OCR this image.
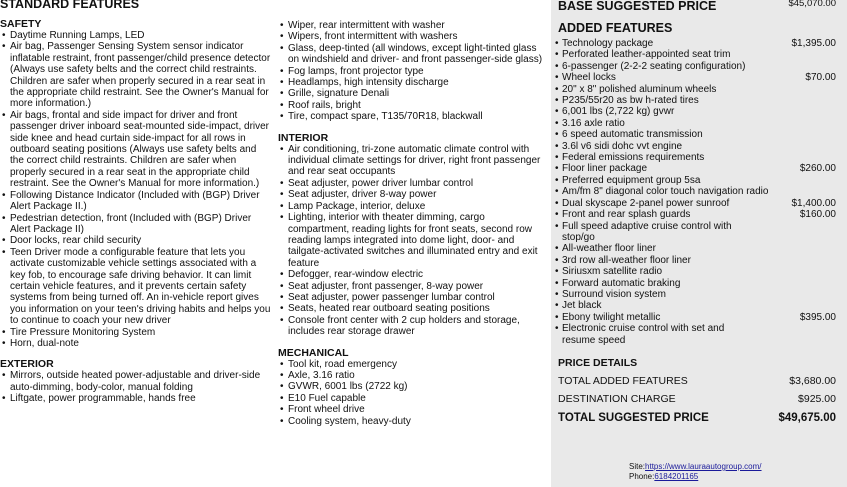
STANDARD FEATURES
SAFETY
• Daytime Running Lamps, LED
• Air bag, Passenger Sensing System sensor indicator inflatable restraint, front passenger/child presence detector (Always use safety belts and the correct child restraints. Children are safer when properly secured in a rear seat in the appropriate child restraint. See the Owner's Manual for more information.)
• Air bags, frontal and side impact for driver and front passenger driver inboard seat-mounted side-impact, driver side knee and head curtain side-impact for all rows in outboard seating positions (Always use safety belts and the correct child restraints. Children are safer when properly secured in a rear seat in the appropriate child restraint. See the Owner's Manual for more information.)
• Following Distance Indicator (Included with (BGP) Driver Alert Package II.)
• Pedestrian detection, front (Included with (BGP) Driver Alert Package II)
• Door locks, rear child security
• Teen Driver mode a configurable feature that lets you activate customizable vehicle settings associated with a key fob, to encourage safe driving behavior. It can limit certain vehicle features, and it prevents certain safety systems from being turned off. An in-vehicle report gives you information on your teen's driving habits and helps you to continue to coach your new driver
• Tire Pressure Monitoring System
• Horn, dual-note
EXTERIOR
• Mirrors, outside heated power-adjustable and driver-side auto-dimming, body-color, manual folding
• Liftgate, power programmable, hands free
• Wiper, rear intermittent with washer
• Wipers, front intermittent with washers
• Glass, deep-tinted (all windows, except light-tinted glass on windshield and driver- and front passenger-side glass)
• Fog lamps, front projector type
• Headlamps, high intensity discharge
• Grille, signature Denali
• Roof rails, bright
• Tire, compact spare, T135/70R18, blackwall
INTERIOR
• Air conditioning, tri-zone automatic climate control with individual climate settings for driver, right front passenger and rear seat occupants
• Seat adjuster, power driver lumbar control
• Seat adjuster, driver 8-way power
• Lamp Package, interior, deluxe
• Lighting, interior with theater dimming, cargo compartment, reading lights for front seats, second row reading lamps integrated into dome light, door- and tailgate-activated switches and illuminated entry and exit feature
• Defogger, rear-window electric
• Seat adjuster, front passenger, 8-way power
• Seat adjuster, power passenger lumbar control
• Seats, heated rear outboard seating positions
• Console front center with 2 cup holders and storage, includes rear storage drawer
MECHANICAL
• Tool kit, road emergency
• Axle, 3.16 ratio
• GVWR, 6001 lbs (2722 kg)
• E10 Fuel capable
• Front wheel drive
• Cooling system, heavy-duty
BASE SUGGESTED PRICE	$45,070.00
ADDED FEATURES
• Technology package	$1,395.00
• Perforated leather-appointed seat trim
• 6-passenger (2-2-2 seating configuration)
• Wheel locks	$70.00
• 20" x 8" polished aluminum wheels
• P235/55r20 as bw h-rated tires
• 6,001 lbs (2,722 kg) gvwr
• 3.16 axle ratio
• 6 speed automatic transmission
• 3.6l v6 sidi dohc vvt engine
• Federal emissions requirements
• Floor liner package	$260.00
• Preferred equipment group 5sa
• Am/fm 8" diagonal color touch navigation radio
• Dual skyscape 2-panel power sunroof	$1,400.00
• Front and rear splash guards	$160.00
• Full speed adaptive cruise control with stop/go
• All-weather floor liner
• 3rd row all-weather floor liner
• Siriusxm satellite radio
• Forward automatic braking
• Surround vision system
• Jet black
• Ebony twilight metallic	$395.00
• Electronic cruise control with set and resume speed
PRICE DETAILS
TOTAL ADDED FEATURES	$3,680.00
DESTINATION CHARGE	$925.00
TOTAL SUGGESTED PRICE	$49,675.00
Site:https://www.lauraautogroup.com/
Phone:6184201165
